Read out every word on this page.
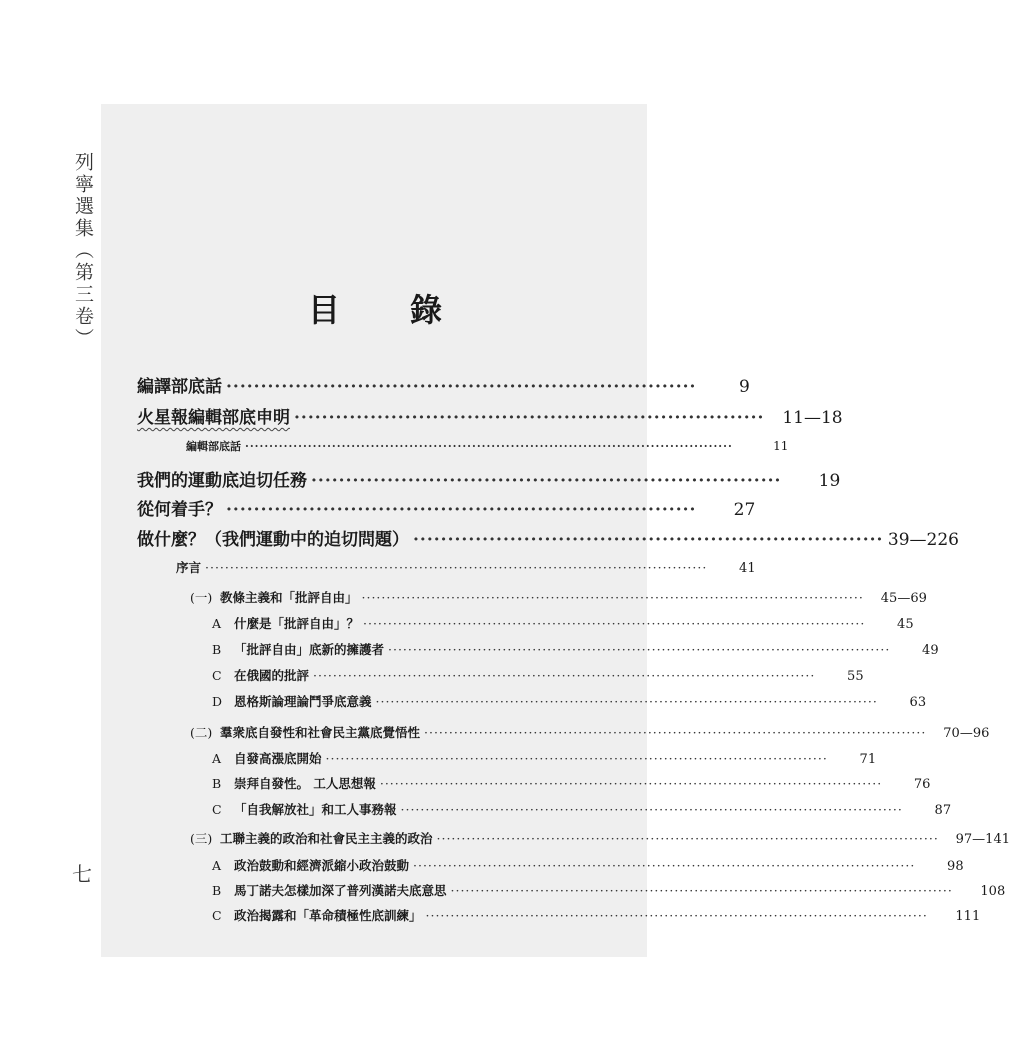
列寧選集（第三卷）
七
目錄
編譯部底話 ····································································	9
火星報編輯部底申明 ····································································	11—18
編輯部底話 ·····································································································	11
我們的運動底迫切任務 ····································································	19
從何着手？ ····································································	27
做什麼？（我們運動中的迫切問題） ···································································· 39—226
序言 ·····································································································	41
(一) 教條主義和「批評自由」 ·····································································································	45—69
A 什麼是「批評自由」？ ·····································································································	45
B 「批評自由」底新的擁護者 ·····································································································	49
C 在俄國的批評 ·····································································································	55
D 恩格斯論理論鬥爭底意義 ·····································································································	63
(二) 羣衆底自發性和社會民主黨底覺悟性 ·····································································································	70—96
A 自發高漲底開始 ·····································································································	71
B 崇拜自發性。 工人思想報 ·····································································································	76
C 「自我解放社」和工人事務報 ·····································································································	87
(三) 工聯主義的政治和社會民主主義的政治 ·····································································································	97—141
A 政治鼓動和經濟派縮小政治鼓動 ·····································································································	98
B 馬丁諾夫怎樣加深了普列漢諾夫底意思 ·····································································································	108
C 政治揭露和「革命積極性底訓練」 ·····································································································	111
